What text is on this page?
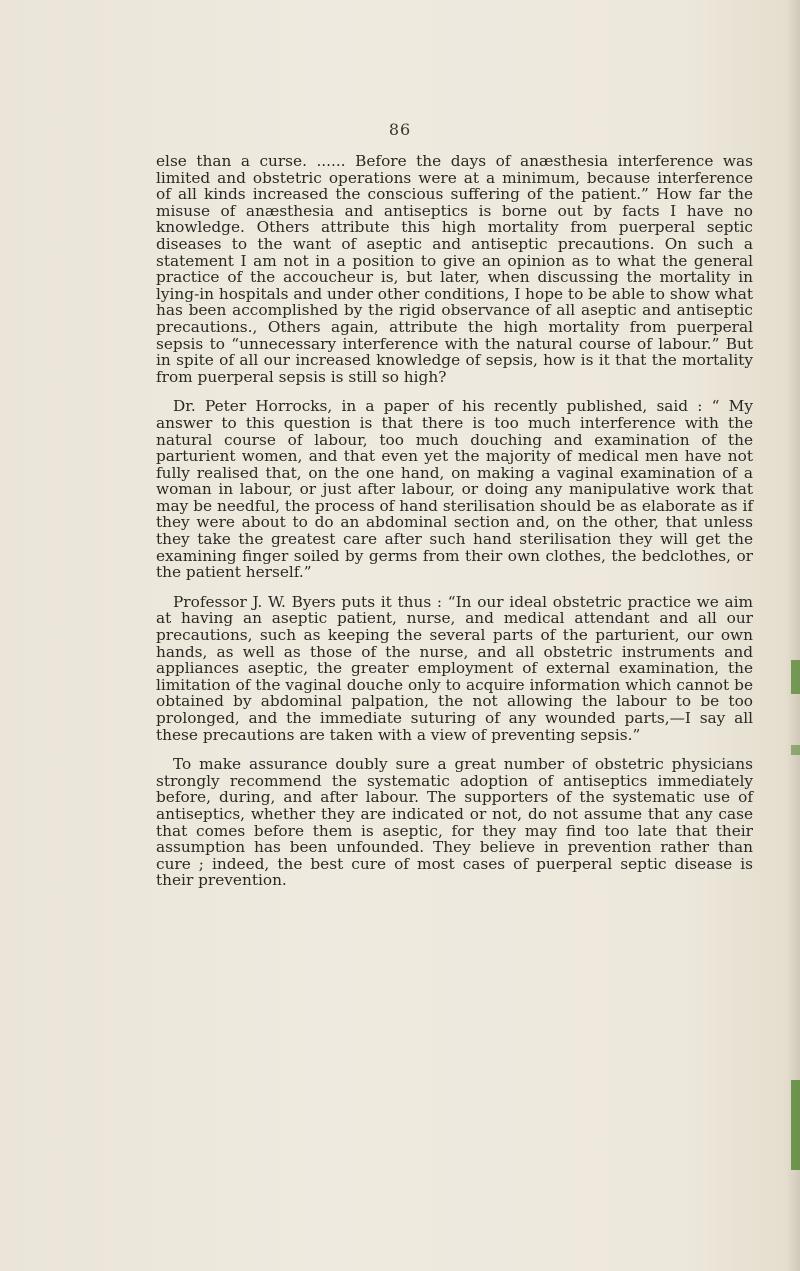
86

else than a curse. ...... Before the days of anæsthesia interference was limited and obstetric operations were at a minimum, because interference of all kinds increased the conscious suffering of the patient.” How far the misuse of anæsthesia and antiseptics is borne out by facts I have no knowledge. Others attribute this high mortality from puerperal septic diseases to the want of aseptic and antiseptic precautions. On such a statement I am not in a position to give an opinion as to what the general practice of the accoucheur is, but later, when discussing the mortality in lying-in hospitals and under other conditions, I hope to be able to show what has been accomplished by the rigid observance of all aseptic and antiseptic precautions., Others again, attribute the high mortality from puerperal sepsis to “unnecessary interference with the natural course of labour.” But in spite of all our increased knowledge of sepsis, how is it that the mortality from puerperal sepsis is still so high?

Dr. Peter Horrocks, in a paper of his recently published, said : “ My answer to this question is that there is too much interference with the natural course of labour, too much douching and examination of the parturient women, and that even yet the majority of medical men have not fully realised that, on the one hand, on making a vaginal examination of a woman in labour, or just after labour, or doing any manipulative work that may be needful, the process of hand sterilisation should be as elaborate as if they were about to do an abdominal section and, on the other, that unless they take the greatest care after such hand sterilisation they will get the examining finger soiled by germs from their own clothes, the bedclothes, or the patient herself.”

Professor J. W. Byers puts it thus : “In our ideal obstetric practice we aim at having an aseptic patient, nurse, and medical attendant and all our precautions, such as keeping the several parts of the parturient, our own hands, as well as those of the nurse, and all obstetric instruments and appliances aseptic, the greater employment of external examination, the limitation of the vaginal douche only to acquire information which cannot be obtained by abdominal palpation, the not allowing the labour to be too prolonged, and the immediate suturing of any wounded parts,—I say all these precautions are taken with a view of preventing sepsis.”

To make assurance doubly sure a great number of obstetric physicians strongly recommend the systematic adoption of antiseptics immediately before, during, and after labour. The supporters of the systematic use of antiseptics, whether they are indicated or not, do not assume that any case that comes before them is aseptic, for they may find too late that their assumption has been unfounded. They believe in prevention rather than cure ; indeed, the best cure of most cases of puerperal septic disease is their prevention.
